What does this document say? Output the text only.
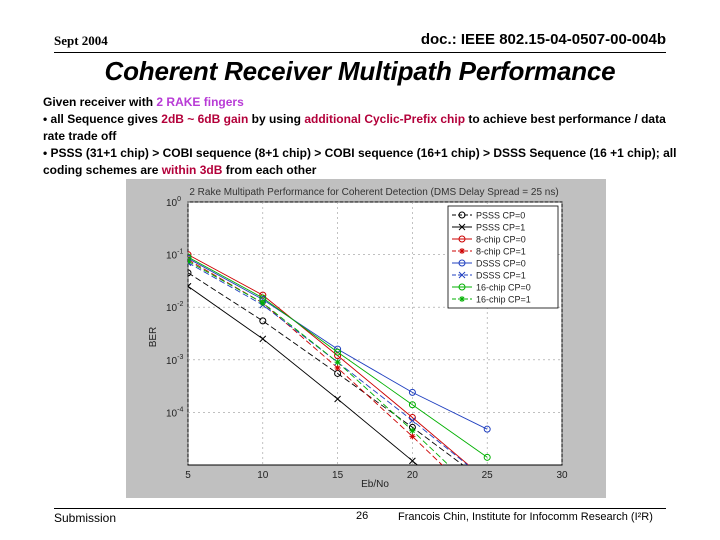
Sept 2004	doc.: IEEE 802.15-04-0507-00-004b
Coherent Receiver Multipath Performance

Given receiver with 2 RAKE fingers

• all Sequence gives 2dB ~ 6dB gain by using additional Cyclic-Prefix chip to achieve best performance / data rate trade off

• PSSS (31+1 chip) > COBI sequence (8+1 chip) > COBI sequence (16+1 chip) > DSSS Sequence (16 +1 chip); all coding schemes are within 3dB from each other

2 Rake Multipath Performance for Coherent Detection (DMS Delay Spread = 25 ns)
5	10	15	20	25	30
$10^0$
$10^{-1}$
$10^{-2}$
$10^{-3}$
$10^{-4}$
PSSS CP=0
PSSS CP=1
8-chip CP=0
8-chip CP=1
DSSS CP=0
DSSS CP=1
16-chip CP=0
16-chip CP=1
Eb/No
BER
Submission	26	Francois Chin, Institute for Infocomm Research (I²R)
